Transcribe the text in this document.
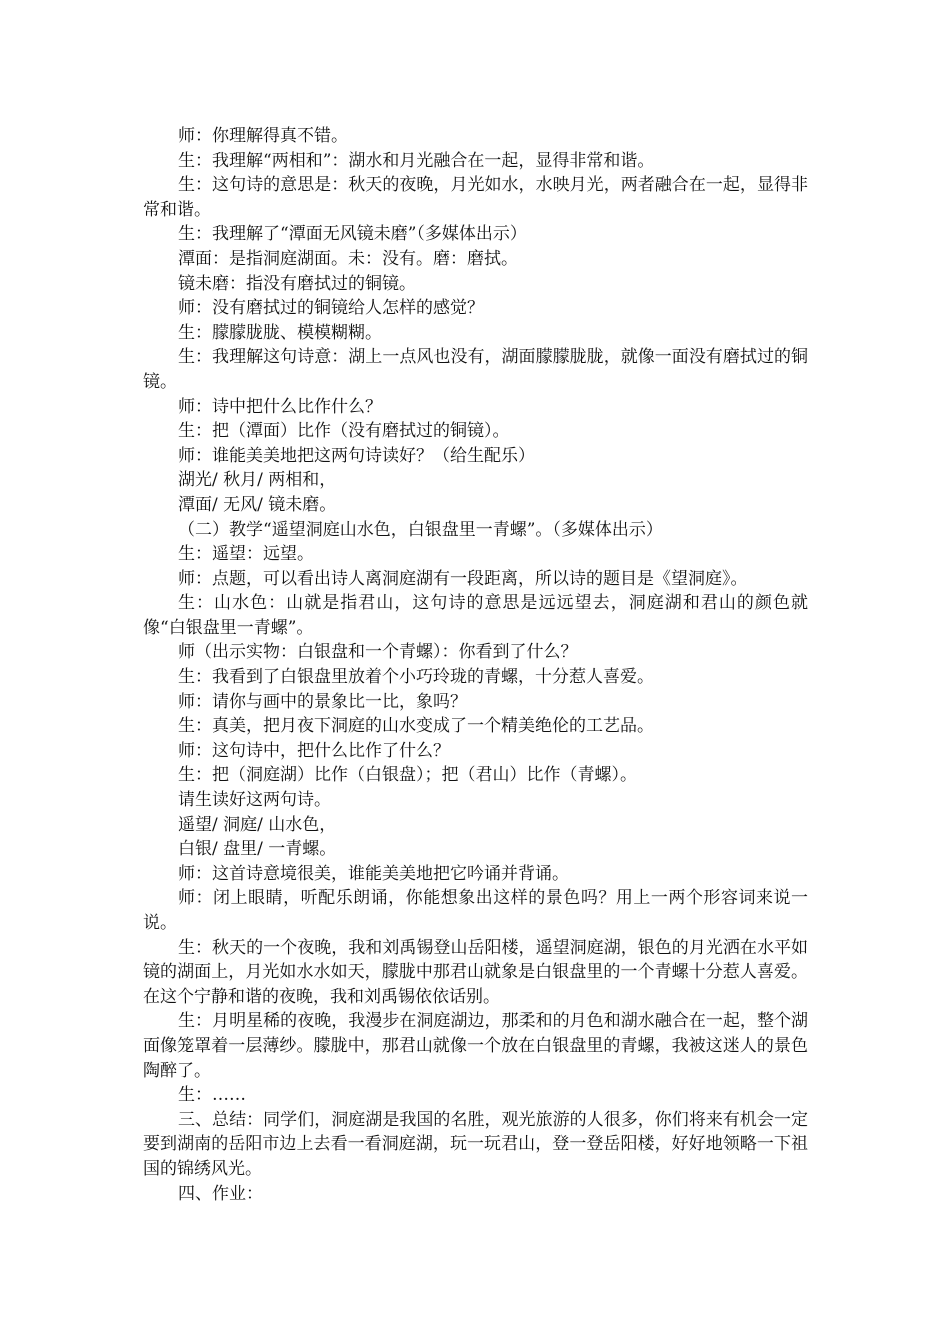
师：你理解得真不错。
生：我理解“两相和”：湖水和月光融合在一起，显得非常和谐。
生：这句诗的意思是：秋天的夜晚，月光如水，水映月光，两者融合在一起，显得非常和谐。
生：我理解了“潭面无风镜未磨”（多媒体出示）
潭面：是指洞庭湖面。未：没有。磨：磨拭。
镜未磨：指没有磨拭过的铜镜。
师：没有磨拭过的铜镜给人怎样的感觉？
生：朦朦胧胧、模模糊糊。
生：我理解这句诗意：湖上一点风也没有，湖面朦朦胧胧，就像一面没有磨拭过的铜镜。
师：诗中把什么比作什么？
生：把（潭面）比作（没有磨拭过的铜镜）。
师：谁能美美地把这两句诗读好？（给生配乐）
湖光/ 秋月/ 两相和，
潭面/ 无风/ 镜未磨。
（二）教学“遥望洞庭山水色，白银盘里一青螺”。（多媒体出示）
生：遥望：远望。
师：点题，可以看出诗人离洞庭湖有一段距离，所以诗的题目是《望洞庭》。
生：山水色：山就是指君山，这句诗的意思是远远望去，洞庭湖和君山的颜色就像“白银盘里一青螺”。
师（出示实物：白银盘和一个青螺）：你看到了什么？
生：我看到了白银盘里放着个小巧玲珑的青螺，十分惹人喜爱。
师：请你与画中的景象比一比，象吗？
生：真美，把月夜下洞庭的山水变成了一个精美绝伦的工艺品。
师：这句诗中，把什么比作了什么？
生：把（洞庭湖）比作（白银盘）；把（君山）比作（青螺）。
请生读好这两句诗。
遥望/ 洞庭/ 山水色，
白银/ 盘里/ 一青螺。
师：这首诗意境很美，谁能美美地把它吟诵并背诵。
师：闭上眼睛，听配乐朗诵，你能想象出这样的景色吗？用上一两个形容词来说一说。
生：秋天的一个夜晚，我和刘禹锡登山岳阳楼，遥望洞庭湖，银色的月光洒在水平如镜的湖面上，月光如水水如天，朦胧中那君山就象是白银盘里的一个青螺十分惹人喜爱。在这个宁静和谐的夜晚，我和刘禹锡依依话别。
生：月明星稀的夜晚，我漫步在洞庭湖边，那柔和的月色和湖水融合在一起，整个湖面像笼罩着一层薄纱。朦胧中，那君山就像一个放在白银盘里的青螺，我被这迷人的景色陶醉了。
生：……
三、总结：同学们，洞庭湖是我国的名胜，观光旅游的人很多，你们将来有机会一定要到湖南的岳阳市边上去看一看洞庭湖，玩一玩君山，登一登岳阳楼，好好地领略一下祖国的锦绣风光。
四、作业：
